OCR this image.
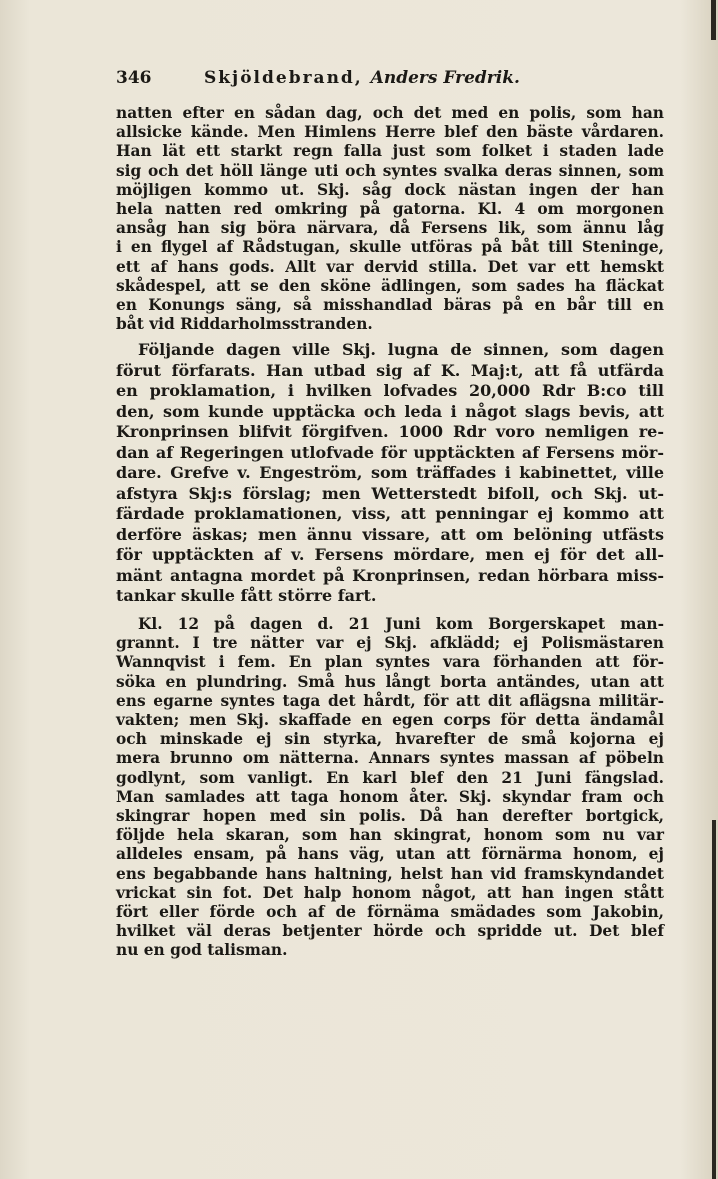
346	Skjöldebrand, Anders Fredrik.
natten efter en sådan dag, och det med en polis, som han
allsicke kände. Men Himlens Herre blef den bäste vårdaren.
Han lät ett starkt regn falla just som folket i staden lade
sig och det höll länge uti och syntes svalka deras sinnen, som
möjligen kommo ut. Skj. såg dock nästan ingen der han
hela natten red omkring på gatorna. Kl. 4 om morgonen
ansåg han sig böra närvara, då Fersens lik, som ännu låg
i en flygel af Rådstugan, skulle utföras på båt till Steninge,
ett af hans gods. Allt var dervid stilla. Det var ett hemskt
skådespel, att se den sköne ädlingen, som sades ha fläckat
en Konungs säng, så misshandlad bäras på en bår till en
båt vid Riddarholmsstranden.
Följande dagen ville Skj. lugna de sinnen, som dagen
förut förfarats. Han utbad sig af K. Maj:t, att få utfärda
en proklamation, i hvilken lofvades 20,000 Rdr B:co till
den, som kunde upptäcka och leda i något slags bevis, att
Kronprinsen blifvit förgifven. 1000 Rdr voro nemligen re-
dan af Regeringen utlofvade för upptäckten af Fersens mör-
dare. Grefve v. Engeström, som träffades i kabinettet, ville
afstyra Skj:s förslag; men Wetterstedt bifoll, och Skj. ut-
färdade proklamationen, viss, att penningar ej kommo att
derföre äskas; men ännu vissare, att om belöning utfästs
för upptäckten af v. Fersens mördare, men ej för det all-
mänt antagna mordet på Kronprinsen, redan hörbara miss-
tankar skulle fått större fart.
Kl. 12 på dagen d. 21 Juni kom Borgerskapet man-
grannt. I tre nätter var ej Skj. afklädd; ej Polismästaren
Wannqvist i fem. En plan syntes vara förhanden att för-
söka en plundring. Små hus långt borta antändes, utan att
ens egarne syntes taga det hårdt, för att dit aflägsna militär-
vakten; men Skj. skaffade en egen corps för detta ändamål
och minskade ej sin styrka, hvarefter de små kojorna ej
mera brunno om nätterna. Annars syntes massan af pöbeln
godlynt, som vanligt. En karl blef den 21 Juni fängslad.
Man samlades att taga honom åter. Skj. skyndar fram och
skingrar hopen med sin polis. Då han derefter bortgick,
följde hela skaran, som han skingrat, honom som nu var
alldeles ensam, på hans väg, utan att förnärma honom, ej
ens begabbande hans haltning, helst han vid framskyndandet
vrickat sin fot. Det halp honom något, att han ingen stått
fört eller förde och af de förnäma smädades som Jakobin,
hvilket väl deras betjenter hörde och spridde ut. Det blef
nu en god talisman.
